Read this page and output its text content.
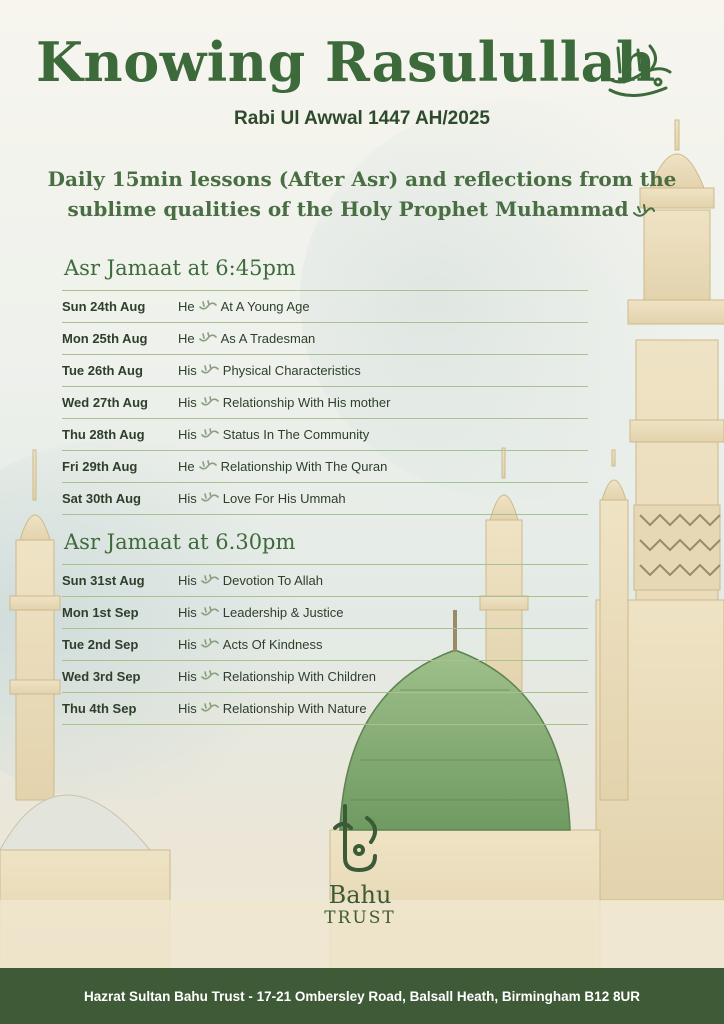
Knowing Rasulullah
Rabi Ul Awwal 1447 AH/2025
Daily 15min lessons (After Asr) and reflections from the
sublime qualities of the Holy Prophet Muhammad
Asr Jamaat at 6:45pm
Sun 24th Aug	He At A Young Age
Mon 25th Aug	He As A Tradesman
Tue 26th Aug	His Physical Characteristics
Wed 27th Aug	His Relationship With His mother
Thu 28th Aug	His Status In The Community
Fri 29th Aug	He Relationship With The Quran
Sat 30th Aug	His Love For His Ummah
Asr Jamaat at 6.30pm
Sun 31st Aug	His Devotion To Allah
Mon 1st Sep	His Leadership & Justice
Tue 2nd Sep	His Acts Of Kindness
Wed 3rd Sep	His Relationship With Children
Thu 4th Sep	His Relationship With Nature
Bahu
TRUST
Hazrat Sultan Bahu Trust - 17-21 Ombersley Road, Balsall Heath, Birmingham B12 8UR
